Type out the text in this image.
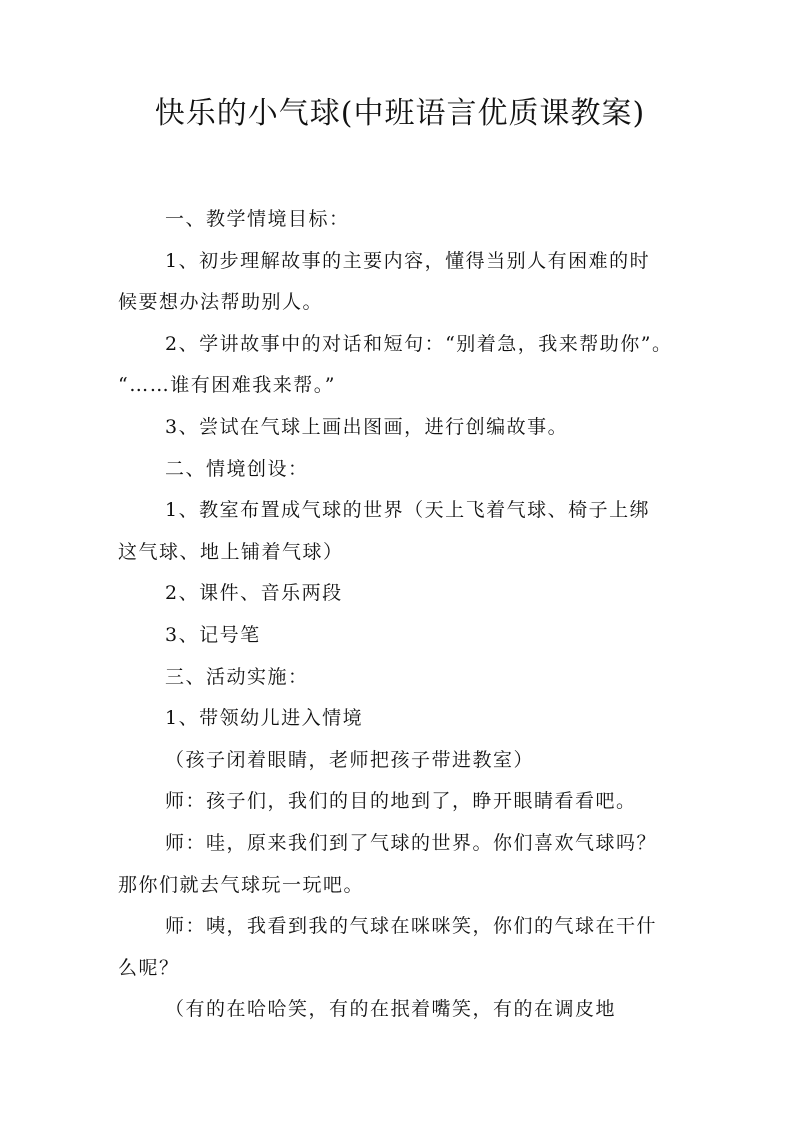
快乐的小气球(中班语言优质课教案)

一、教学情境目标：

1、初步理解故事的主要内容，懂得当别人有困难的时

候要想办法帮助别人。

2、学讲故事中的对话和短句：“别着急，我来帮助你”。

“……谁有困难我来帮。”

3、尝试在气球上画出图画，进行创编故事。

二、情境创设：

1、教室布置成气球的世界（天上飞着气球、椅子上绑

这气球、地上铺着气球）

2、课件、音乐两段

3、记号笔

三、活动实施：

1、带领幼儿进入情境

（孩子闭着眼睛，老师把孩子带进教室）

师：孩子们，我们的目的地到了，睁开眼睛看看吧。

师：哇，原来我们到了气球的世界。你们喜欢气球吗？

那你们就去气球玩一玩吧。

师：咦，我看到我的气球在咪咪笑，你们的气球在干什

么呢？

（有的在哈哈笑，有的在抿着嘴笑，有的在调皮地
